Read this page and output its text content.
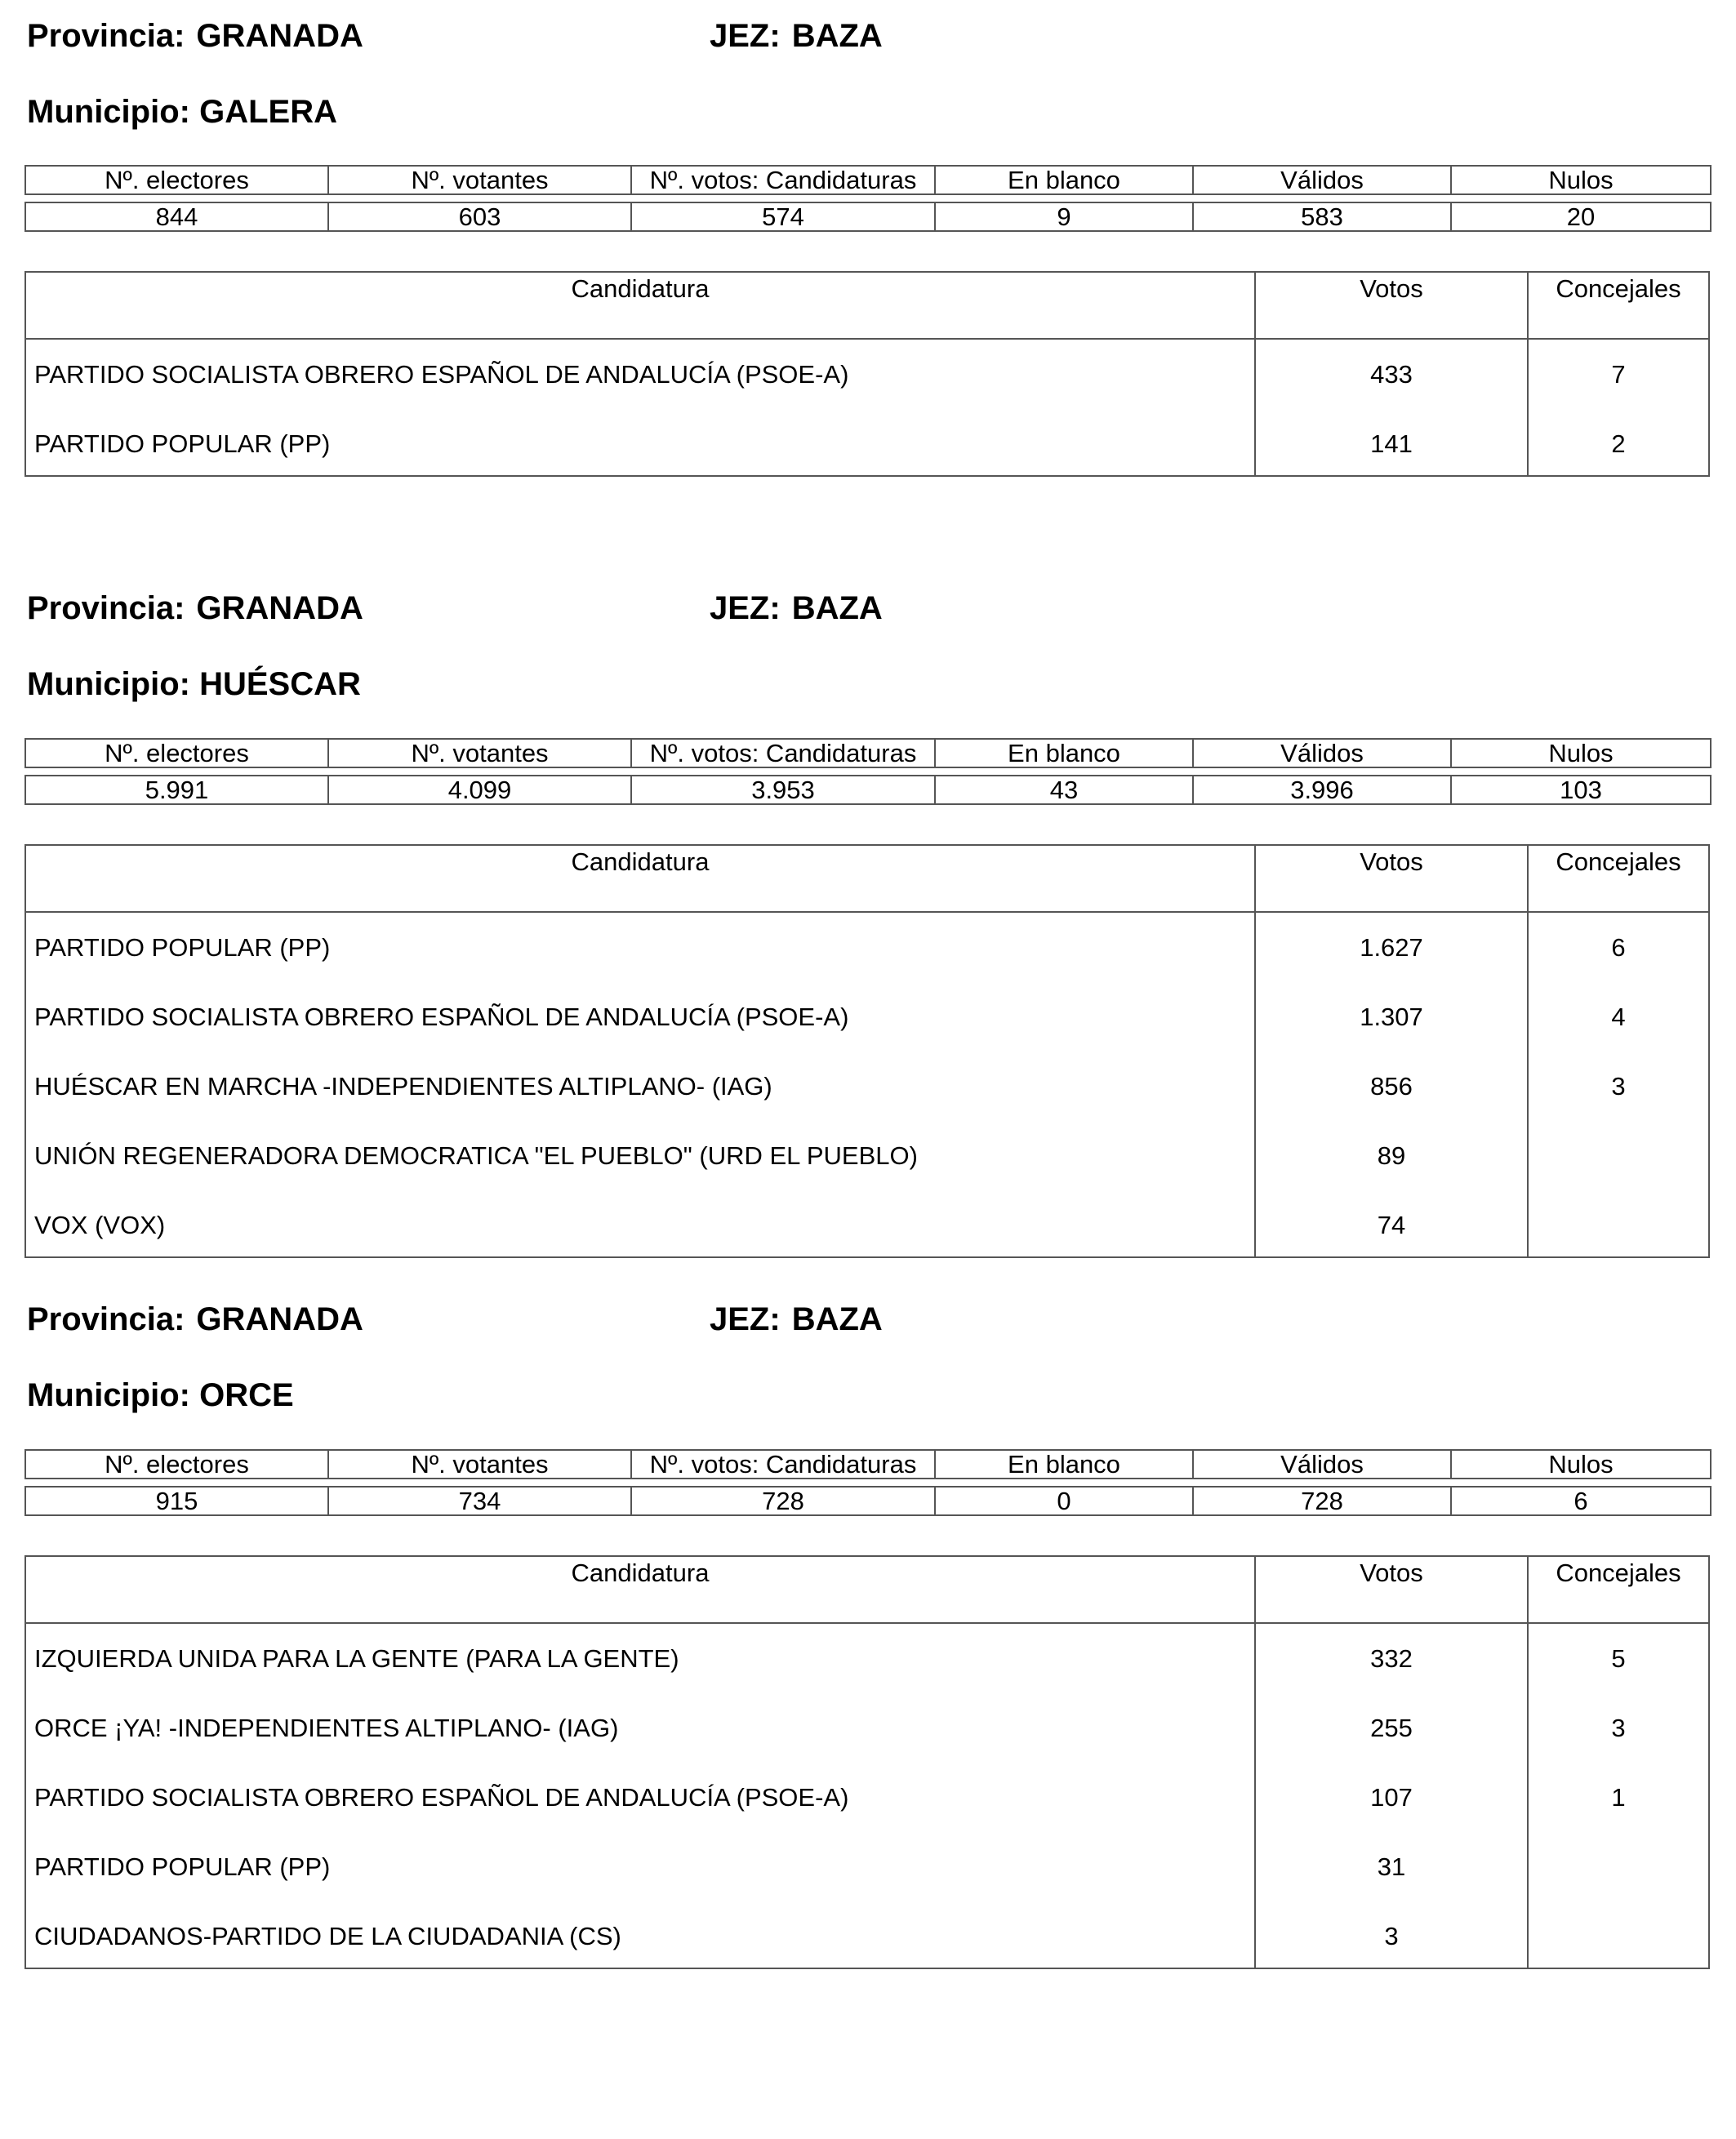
Provincia: GRANADA	JEZ: BAZA
Municipio: GALERA
Nº. electores	Nº. votantes	Nº. votos: Candidaturas	En blanco	Válidos	Nulos

844	603	574	9	583	20
Candidatura	Votos	Concejales
PARTIDO SOCIALISTA OBRERO ESPAÑOL DE ANDALUCÍA (PSOE-A)	433	7
PARTIDO POPULAR (PP)	141	2
Provincia: GRANADA	JEZ: BAZA
Municipio: HUÉSCAR
Nº. electores	Nº. votantes	Nº. votos: Candidaturas	En blanco	Válidos	Nulos

5.991	4.099	3.953	43	3.996	103
Candidatura	Votos	Concejales
PARTIDO POPULAR (PP)	1.627	6
PARTIDO SOCIALISTA OBRERO ESPAÑOL DE ANDALUCÍA (PSOE-A)	1.307	4
HUÉSCAR EN MARCHA -INDEPENDIENTES ALTIPLANO- (IAG)	856	3
UNIÓN REGENERADORA DEMOCRATICA "EL PUEBLO" (URD EL PUEBLO)	89
VOX (VOX)	74
Provincia: GRANADA	JEZ: BAZA
Municipio: ORCE
Nº. electores	Nº. votantes	Nº. votos: Candidaturas	En blanco	Válidos	Nulos

915	734	728	0	728	6
Candidatura	Votos	Concejales
IZQUIERDA UNIDA PARA LA GENTE (PARA LA GENTE)	332	5
ORCE ¡YA! -INDEPENDIENTES ALTIPLANO- (IAG)	255	3
PARTIDO SOCIALISTA OBRERO ESPAÑOL DE ANDALUCÍA (PSOE-A)	107	1
PARTIDO POPULAR (PP)	31
CIUDADANOS-PARTIDO DE LA CIUDADANIA (CS)	3
